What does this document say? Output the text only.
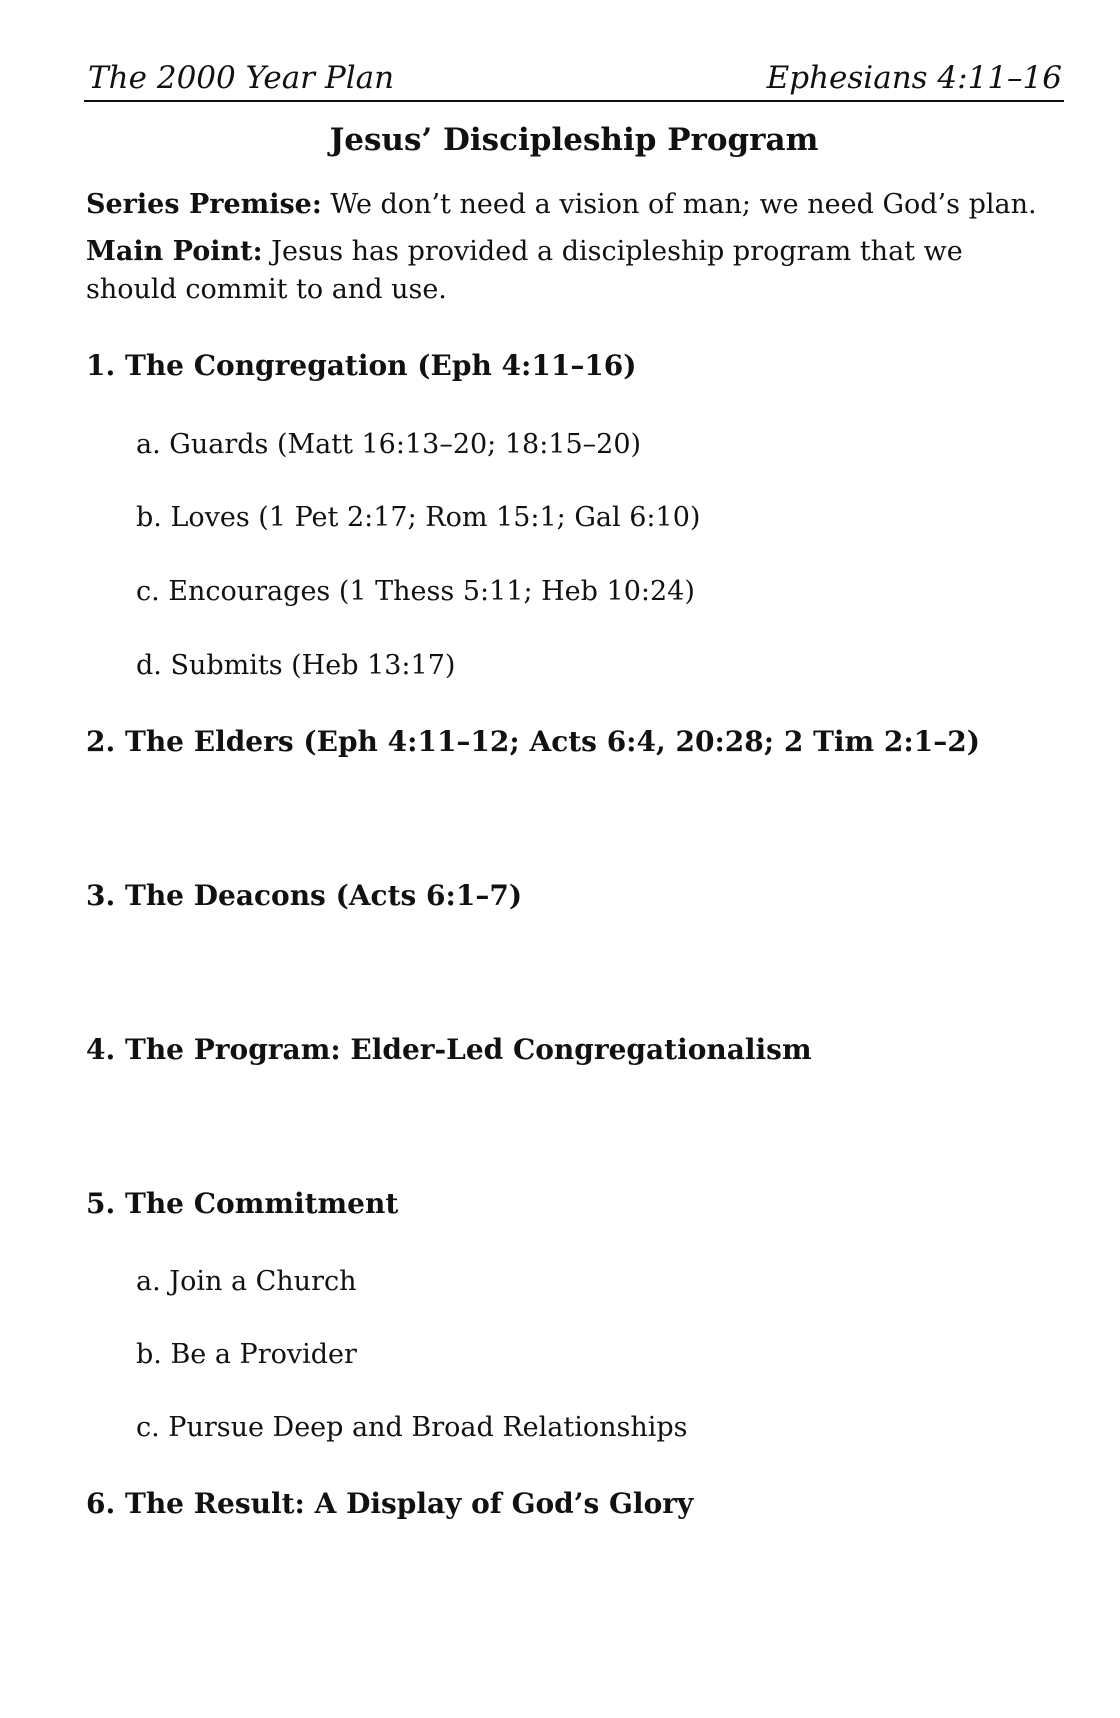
The 2000 Year Plan	Ephesians 4:11–16
Jesus’ Discipleship Program
Series Premise: We don’t need a vision of man; we need God’s plan.
Main Point: Jesus has provided a discipleship program that we should commit to and use.
1. The Congregation (Eph 4:11–16)
a. Guards (Matt 16:13–20; 18:15–20)
b. Loves (1 Pet 2:17; Rom 15:1; Gal 6:10)
c. Encourages (1 Thess 5:11; Heb 10:24)
d. Submits (Heb 13:17)
2. The Elders (Eph 4:11–12; Acts 6:4, 20:28; 2 Tim 2:1–2)
3. The Deacons (Acts 6:1–7)
4. The Program: Elder-Led Congregationalism
5. The Commitment
a. Join a Church
b. Be a Provider
c. Pursue Deep and Broad Relationships
6. The Result: A Display of God’s Glory
